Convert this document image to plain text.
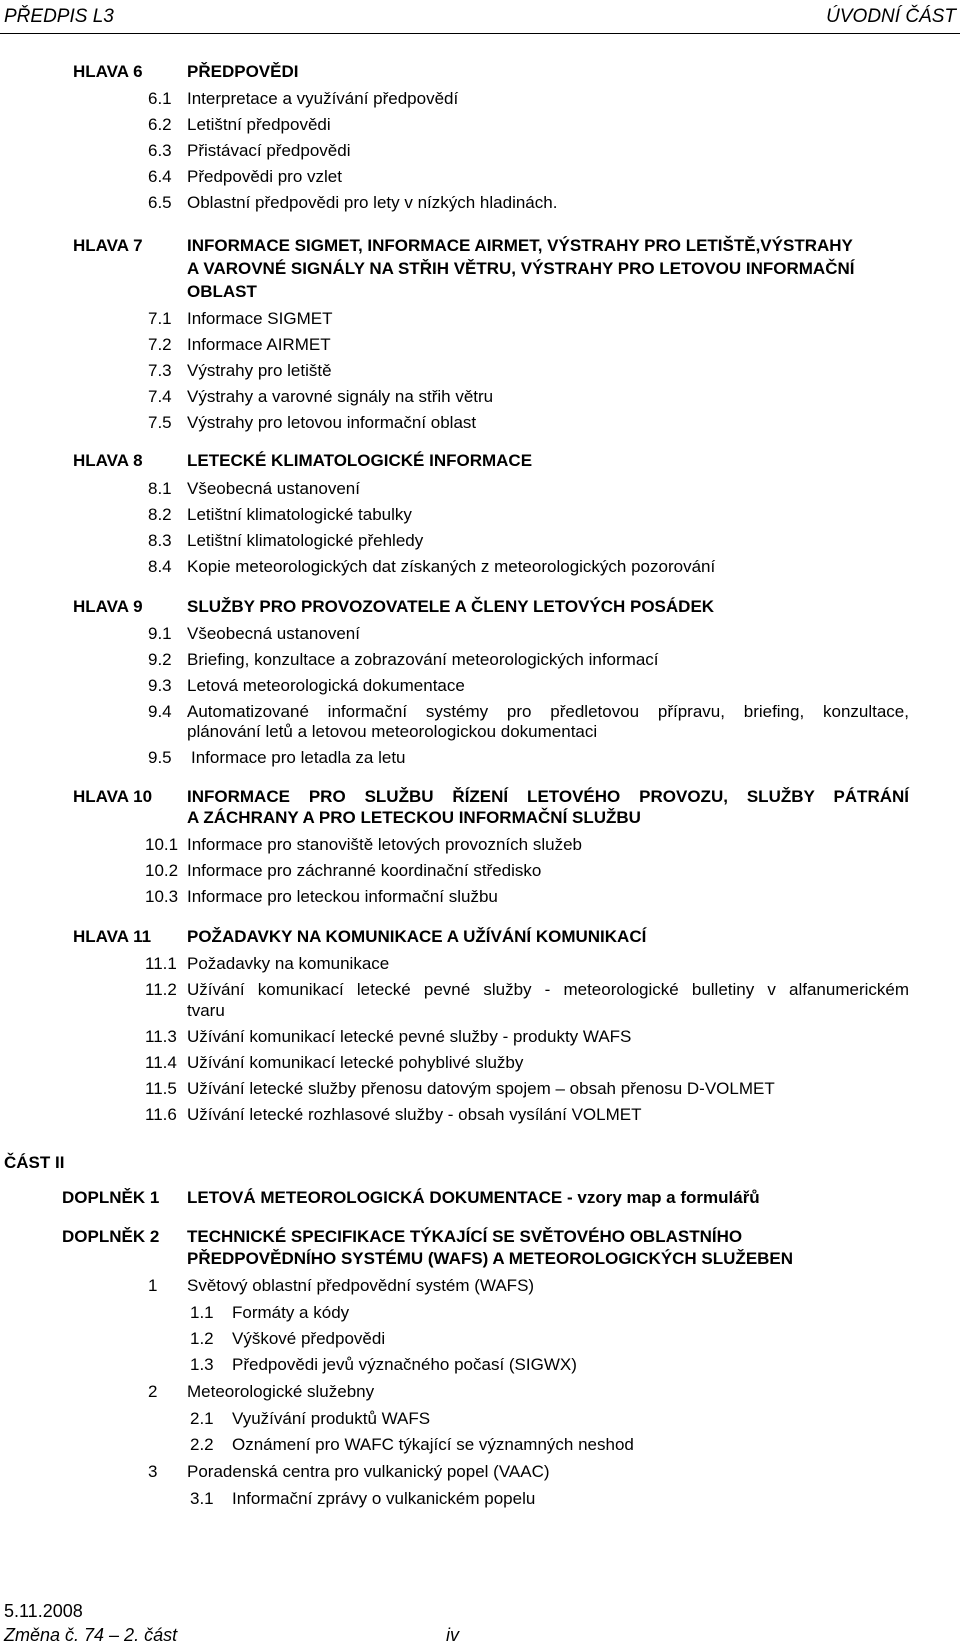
PŘEDPIS L3	ÚVODNÍ ČÁST
HLAVA 6	PŘEDPOVĚDI
6.1 Interpretace a využívání předpovědí
6.2 Letištní předpovědi
6.3 Přistávací předpovědi
6.4 Předpovědi pro vzlet
6.5 Oblastní předpovědi pro lety v nízkých hladinách.
HLAVA 7	INFORMACE SIGMET, INFORMACE AIRMET, VÝSTRAHY PRO LETIŠTĚ,VÝSTRAHY
A VAROVNÉ SIGNÁLY NA STŘIH VĚTRU, VÝSTRAHY PRO LETOVOU INFORMAČNÍ
OBLAST
7.1 Informace SIGMET
7.2 Informace AIRMET
7.3 Výstrahy pro letiště
7.4 Výstrahy a varovné signály na střih větru
7.5 Výstrahy pro letovou informační oblast
HLAVA 8	LETECKÉ KLIMATOLOGICKÉ INFORMACE
8.1 Všeobecná ustanovení
8.2 Letištní klimatologické tabulky
8.3 Letištní klimatologické přehledy
8.4 Kopie meteorologických dat získaných z meteorologických pozorování
HLAVA 9	SLUŽBY PRO PROVOZOVATELE A ČLENY LETOVÝCH POSÁDEK
9.1 Všeobecná ustanovení
9.2 Briefing, konzultace a zobrazování meteorologických informací
9.3 Letová meteorologická dokumentace
9.4 Automatizované informační systémy pro předletovou přípravu, briefing, konzultace,
plánování letů a letovou meteorologickou dokumentaci
9.5 Informace pro letadla za letu
HLAVA 10 INFORMACE PRO SLUŽBU ŘÍZENÍ LETOVÉHO PROVOZU, SLUŽBY PÁTRÁNÍ
A ZÁCHRANY A PRO LETECKOU INFORMAČNÍ SLUŽBU
10.1 Informace pro stanoviště letových provozních služeb
10.2 Informace pro záchranné koordinační středisko
10.3 Informace pro leteckou informační službu
HLAVA 11 POŽADAVKY NA KOMUNIKACE A UŽÍVÁNÍ KOMUNIKACÍ
11.1 Požadavky na komunikace
11.2 Užívání komunikací letecké pevné služby - meteorologické bulletiny v alfanumerickém
tvaru
11.3 Užívání komunikací letecké pevné služby - produkty WAFS
11.4 Užívání komunikací letecké pohyblivé služby
11.5 Užívání letecké služby přenosu datovým spojem – obsah přenosu D-VOLMET
11.6 Užívání letecké rozhlasové služby - obsah vysílání VOLMET
ČÁST II
DOPLNĚK 1 LETOVÁ METEOROLOGICKÁ DOKUMENTACE - vzory map a formulářů
DOPLNĚK 2 TECHNICKÉ SPECIFIKACE TÝKAJÍCÍ SE SVĚTOVÉHO OBLASTNÍHO
PŘEDPOVĚDNÍHO SYSTÉMU (WAFS) A METEOROLOGICKÝCH SLUŽEBEN
1 Světový oblastní předpovědní systém (WAFS)
1.1 Formáty a kódy
1.2 Výškové předpovědi
1.3 Předpovědi jevů význačného počasí (SIGWX)
2 Meteorologické služebny
2.1 Využívání produktů WAFS
2.2 Oznámení pro WAFC týkající se významných neshod
3 Poradenská centra pro vulkanický popel (VAAC)
3.1 Informační zprávy o vulkanickém popelu
5.11.2008
Změna č. 74 – 2. část	iv
